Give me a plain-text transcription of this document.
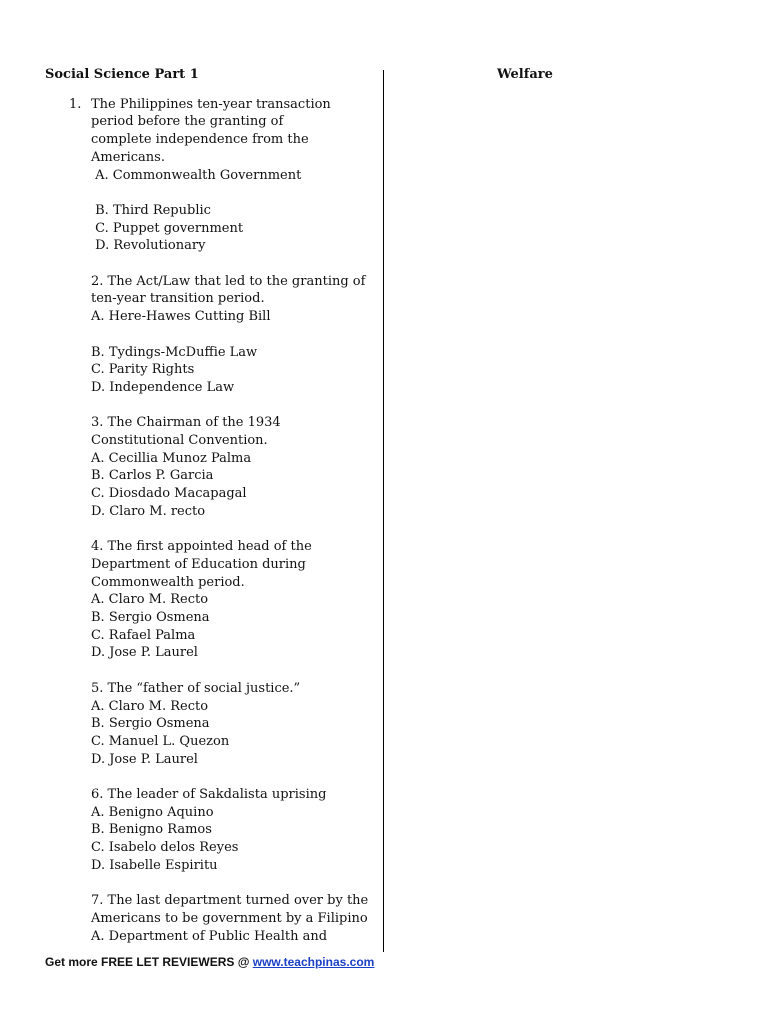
Social Science Part 1
1. The Philippines ten-year transaction
period before the granting of
complete independence from the
Americans.
A. Commonwealth Government
B. Third Republic
C. Puppet government
D. Revolutionary
2. The Act/Law that led to the granting of
ten-year transition period.
A. Here-Hawes Cutting Bill
B. Tydings-McDuffie Law
C. Parity Rights
D. Independence Law
3. The Chairman of the 1934
Constitutional Convention.
A. Cecillia Munoz Palma
B. Carlos P. Garcia
C. Diosdado Macapagal
D. Claro M. recto
4. The first appointed head of the
Department of Education during
Commonwealth period.
A. Claro M. Recto
B. Sergio Osmena
C. Rafael Palma
D. Jose P. Laurel
5. The “father of social justice.”
A. Claro M. Recto
B. Sergio Osmena
C. Manuel L. Quezon
D. Jose P. Laurel
6. The leader of Sakdalista uprising
A. Benigno Aquino
B. Benigno Ramos
C. Isabelo delos Reyes
D. Isabelle Espiritu
7. The last department turned over by the
Americans to be government by a Filipino
A. Department of Public Health and
Welfare
Get more FREE LET REVIEWERS @ www.teachpinas.com
